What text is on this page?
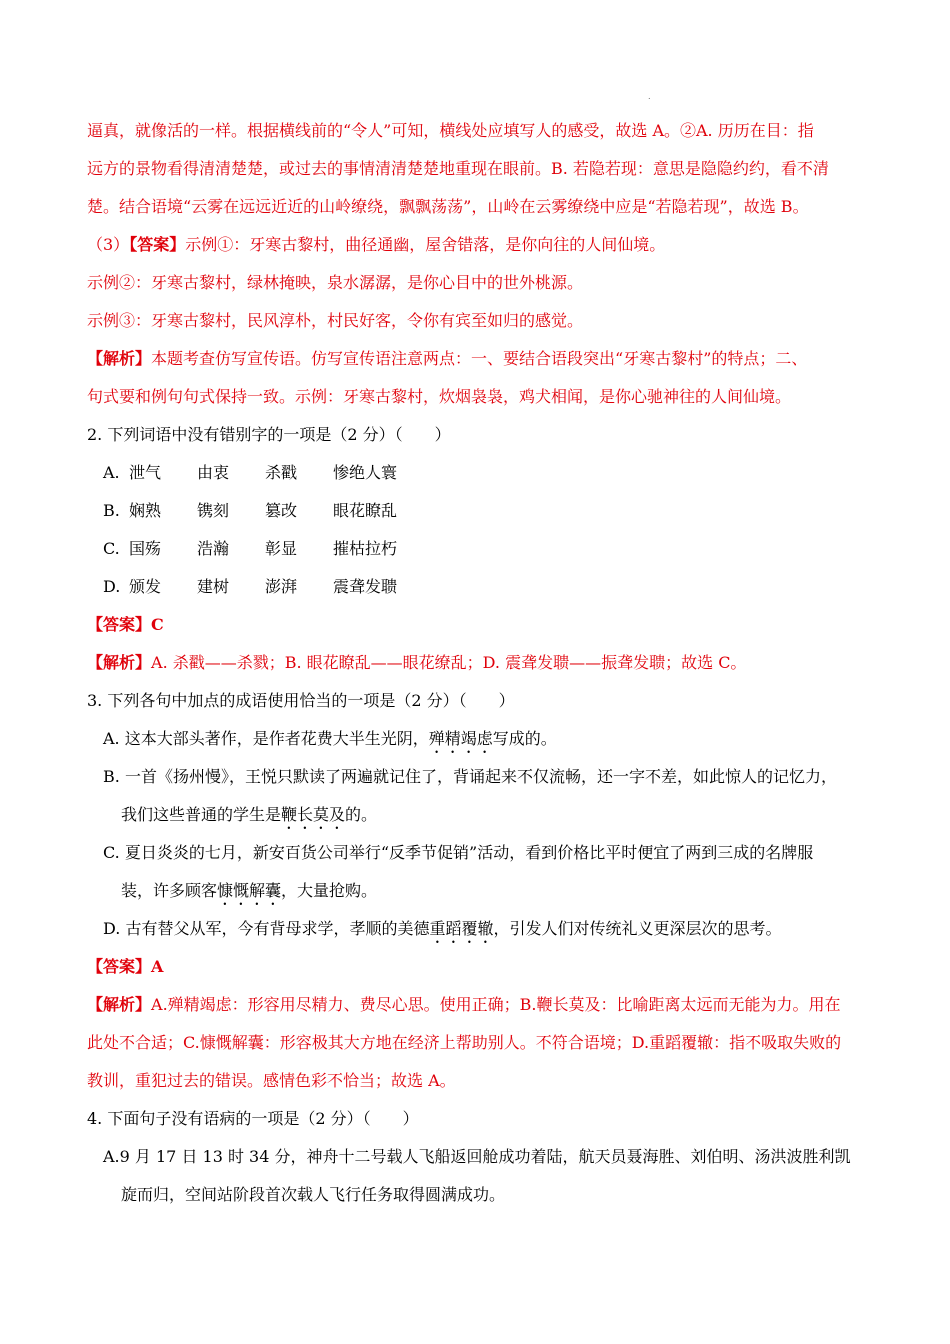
.
逼真，就像活的一样。根据横线前的“令人”可知，横线处应填写人的感受，故选 A。②A. 历历在目：指
远方的景物看得清清楚楚，或过去的事情清清楚楚地重现在眼前。B. 若隐若现：意思是隐隐约约，看不清
楚。结合语境“云雾在远远近近的山岭缭绕，飘飘荡荡”，山岭在云雾缭绕中应是“若隐若现”，故选 B。
（3）【答案】示例①：牙寒古黎村，曲径通幽，屋舍错落，是你向往的人间仙境。
示例②：牙寒古黎村，绿林掩映，泉水潺潺，是你心目中的世外桃源。
示例③：牙寒古黎村，民风淳朴，村民好客，令你有宾至如归的感觉。
【解析】本题考查仿写宣传语。仿写宣传语注意两点：一、要结合语段突出“牙寒古黎村”的特点；二、
句式要和例句句式保持一致。示例：牙寒古黎村，炊烟袅袅，鸡犬相闻，是你心驰神往的人间仙境。
2. 下列词语中没有错别字的一项是（2 分）（　　）
A. 泄气	由衷	杀戳	惨绝人寰
B. 娴熟	镌刻	篡改	眼花瞭乱
C. 国殇	浩瀚	彰显	摧枯拉朽
D. 颁发	建树	澎湃	震聋发聩
【答案】C
【解析】A. 杀戳——杀戮；B. 眼花瞭乱——眼花缭乱；D. 震聋发聩——振聋发聩；故选 C。
3. 下列各句中加点的成语使用恰当的一项是（2 分）（　　）
A. 这本大部头著作，是作者花费大半生光阴，殚精竭虑写成的。
B. 一首《扬州慢》，王悦只默读了两遍就记住了，背诵起来不仅流畅，还一字不差，如此惊人的记忆力，
我们这些普通的学生是鞭长莫及的。
C. 夏日炎炎的七月，新安百货公司举行“反季节促销”活动，看到价格比平时便宜了两到三成的名牌服
装，许多顾客慷慨解囊，大量抢购。
D. 古有替父从军，今有背母求学，孝顺的美德重蹈覆辙，引发人们对传统礼义更深层次的思考。
【答案】A
【解析】A.殚精竭虑：形容用尽精力、费尽心思。使用正确；B.鞭长莫及：比喻距离太远而无能为力。用在
此处不合适；C.慷慨解囊：形容极其大方地在经济上帮助别人。不符合语境；D.重蹈覆辙：指不吸取失败的
教训，重犯过去的错误。感情色彩不恰当；故选 A。
4. 下面句子没有语病的一项是（2 分）（　　）
A.9 月 17 日 13 时 34 分，神舟十二号载人飞船返回舱成功着陆，航天员聂海胜、刘伯明、汤洪波胜利凯
旋而归，空间站阶段首次载人飞行任务取得圆满成功。
